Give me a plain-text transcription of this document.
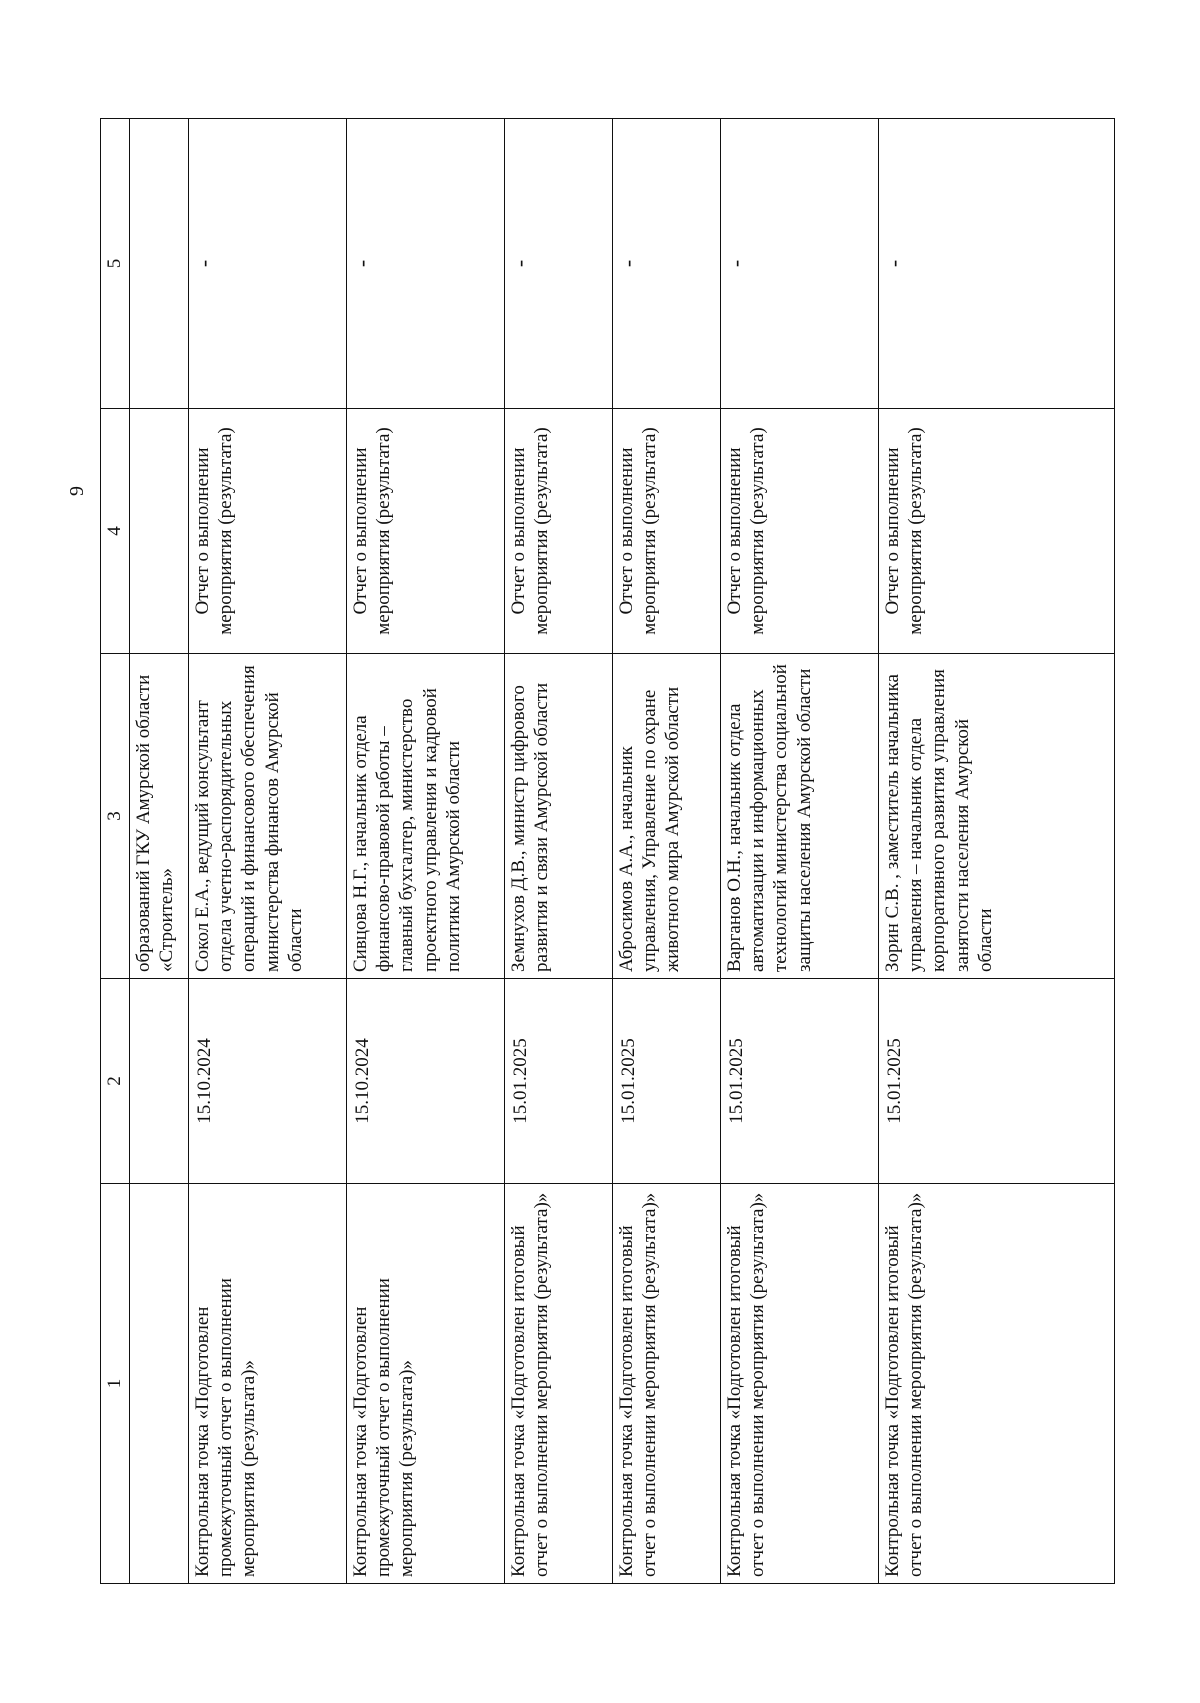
9
1	2	3	4	5
		образований ГКУ Амурской области «Строитель»		
Контрольная точка «Подготовлен промежуточный отчет о выполнении мероприятия (результата)»	15.10.2024	Сокол Е.А., ведущий консультант отдела учетно-распорядительных операций и финансового обеспечения министерства финансов Амурской области	Отчет о выполнении мероприятия (результата)	-
Контрольная точка «Подготовлен промежуточный отчет о выполнении мероприятия (результата)»	15.10.2024	Сивцова Н.Г., начальник отдела финансово-правовой работы – главный бухгалтер, министерство проектного управления и кадровой политики Амурской области	Отчет о выполнении мероприятия (результата)	-
Контрольная точка «Подготовлен итоговый отчет о выполнении мероприятия (результата)»	15.01.2025	Земнухов Д.В., министр цифрового развития и связи Амурской области	Отчет о выполнении мероприятия (результата)	-
Контрольная точка «Подготовлен итоговый отчет о выполнении мероприятия (результата)»	15.01.2025	Абросимов А.А., начальник управления, Управление по охране животного мира Амурской области	Отчет о выполнении мероприятия (результата)	-
Контрольная точка «Подготовлен итоговый отчет о выполнении мероприятия (результата)»	15.01.2025	Варганов О.Н., начальник отдела автоматизации и информационных технологий министерства социальной защиты населения Амурской области	Отчет о выполнении мероприятия (результата)	-
Контрольная точка «Подготовлен итоговый отчет о выполнении мероприятия (результата)»	15.01.2025	Зорин С.В. , заместитель начальника управления – начальник отдела корпоративного развития управления занятости населения Амурской области	Отчет о выполнении мероприятия (результата)	-
